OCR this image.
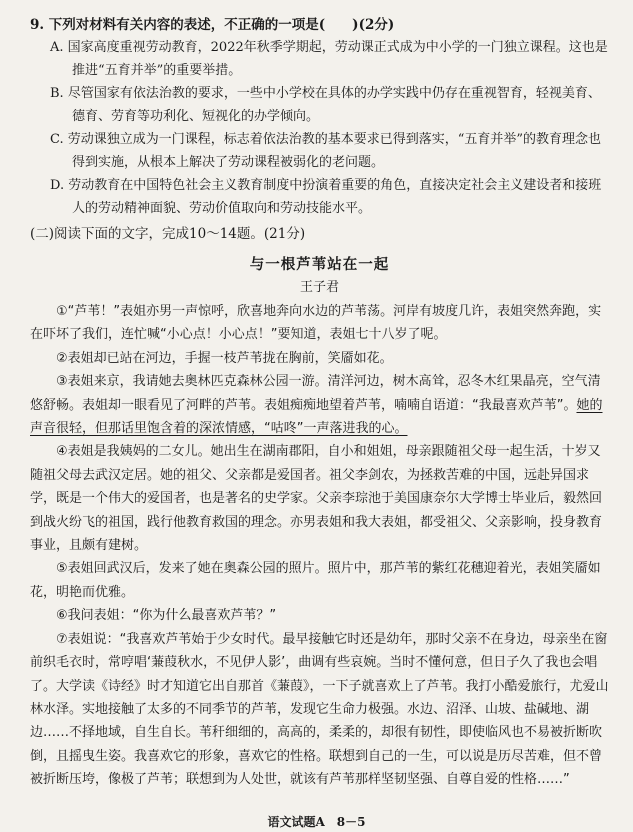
9. 下列对材料有关内容的表述，不正确的一项是(　　)(2分)
A. 国家高度重视劳动教育，2022年秋季学期起，劳动课正式成为中小学的一门独立课程。这也是推进“五育并举”的重要举措。
B. 尽管国家有依法治教的要求，一些中小学校在具体的办学实践中仍存在重视智育，轻视美育、德育、劳育等功利化、短视化的办学倾向。
C. 劳动课独立成为一门课程，标志着依法治教的基本要求已得到落实，“五育并举”的教育理念也得到实施，从根本上解决了劳动课程被弱化的老问题。
D. 劳动教育在中国特色社会主义教育制度中扮演着重要的角色，直接决定社会主义建设者和接班人的劳动精神面貌、劳动价值取向和劳动技能水平。
(二)阅读下面的文字，完成10～14题。(21分)
与一根芦苇站在一起
王子君

①“芦苇！”表姐亦男一声惊呼，欣喜地奔向水边的芦苇荡。河岸有坡度几许，表姐突然奔跑，实在吓坏了我们，连忙喊“小心点！小心点！”要知道，表姐七十八岁了呢。

②表姐却已站在河边，手握一枝芦苇拢在胸前，笑靥如花。

③表姐来京，我请她去奥林匹克森林公园一游。清洋河边，树木高耸，忍冬木红果晶亮，空气清悠舒畅。表姐却一眼看见了河畔的芦苇。表姐痴痴地望着芦苇，喃喃自语道：“我最喜欢芦苇”。她的声音很轻，但那话里饱含着的深浓情感，“咕咚”一声落进我的心。

④表姐是我姨妈的二女儿。她出生在湖南郡阳，自小和姐姐，母亲跟随祖父母一起生活，十岁又随祖父母去武汉定居。她的祖父、父亲都是爱国者。祖父李剑农，为拯救苦难的中国，远赴异国求学，既是一个伟大的爱国者，也是著名的史学家。父亲李琮池于美国康奈尔大学博士毕业后，毅然回到战火纷飞的祖国，践行他教育救国的理念。亦男表姐和我大表姐，都受祖父、父亲影响，投身教育事业，且颇有建树。

⑤表姐回武汉后，发来了她在奥森公园的照片。照片中，那芦苇的紫红花穗迎着光，表姐笑靥如花，明艳而优雅。

⑥我问表姐：“你为什么最喜欢芦苇？”

⑦表姐说：“我喜欢芦苇始于少女时代。最早接触它时还是幼年，那时父亲不在身边，母亲坐在窗前织毛衣时，常哼唱‘蒹葭秋水，不见伊人影’，曲调有些哀婉。当时不懂何意，但日子久了我也会唱了。大学读《诗经》时才知道它出自那首《蒹葭》，一下子就喜欢上了芦苇。我打小酷爱旅行，尤爱山林水泽。实地接触了太多的不同季节的芦苇，发现它生命力极强。水边、沼泽、山坡、盐碱地、湖边……不择地域，自生自长。苇秆细细的，高高的，柔柔的，却很有韧性，即使临风也不易被折断吹倒，且摇曳生姿。我喜欢它的形象，喜欢它的性格。联想到自己的一生，可以说是历尽苦难，但不曾被折断压垮，像极了芦苇；联想到为人处世，就该有芦苇那样坚韧坚强、自尊自爱的性格……”

语文试题A　8－5
